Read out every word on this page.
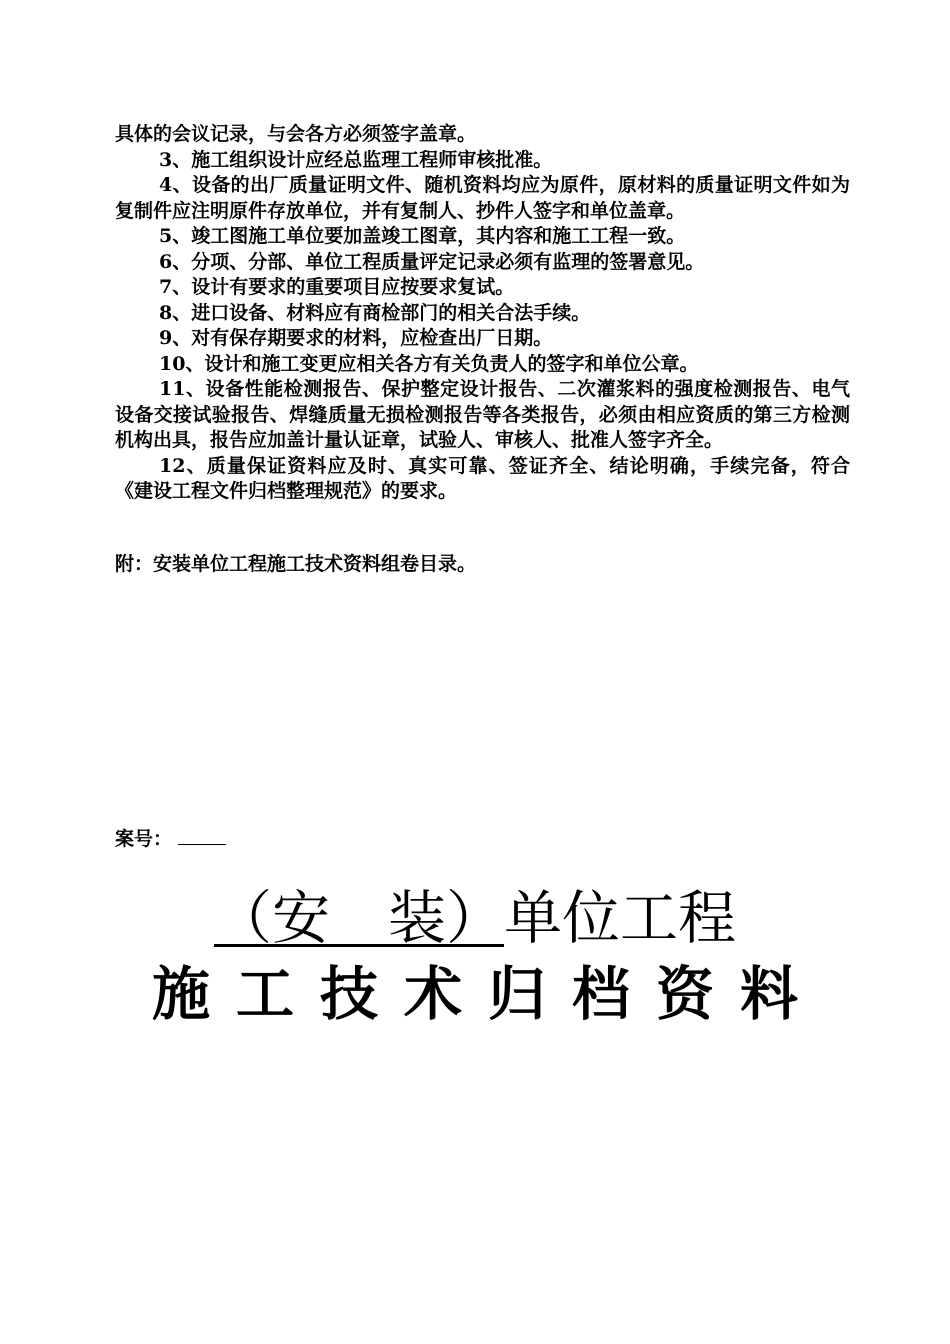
具体的会议记录，与会各方必须签字盖章。

3、施工组织设计应经总监理工程师审核批准。

4、设备的出厂质量证明文件、随机资料均应为原件，原材料的质量证明文件如为复制件应注明原件存放单位，并有复制人、抄件人签字和单位盖章。

5、竣工图施工单位要加盖竣工图章，其内容和施工工程一致。

6、分项、分部、单位工程质量评定记录必须有监理的签署意见。

7、设计有要求的重要项目应按要求复试。

8、进口设备、材料应有商检部门的相关合法手续。

9、对有保存期要求的材料，应检查出厂日期。

10、设计和施工变更应相关各方有关负责人的签字和单位公章。

11、设备性能检测报告、保护整定设计报告、二次灌浆料的强度检测报告、电气设备交接试验报告、焊缝质量无损检测报告等各类报告，必须由相应资质的第三方检测机构出具，报告应加盖计量认证章，试验人、审核人、批准人签字齐全。

12、质量保证资料应及时、真实可靠、签证齐全、结论明确，手续完备，符合《建设工程文件归档整理规范》的要求。

附：安装单位工程施工技术资料组卷目录。
案号：
（安　装）单位工程
施工技术归档资料
